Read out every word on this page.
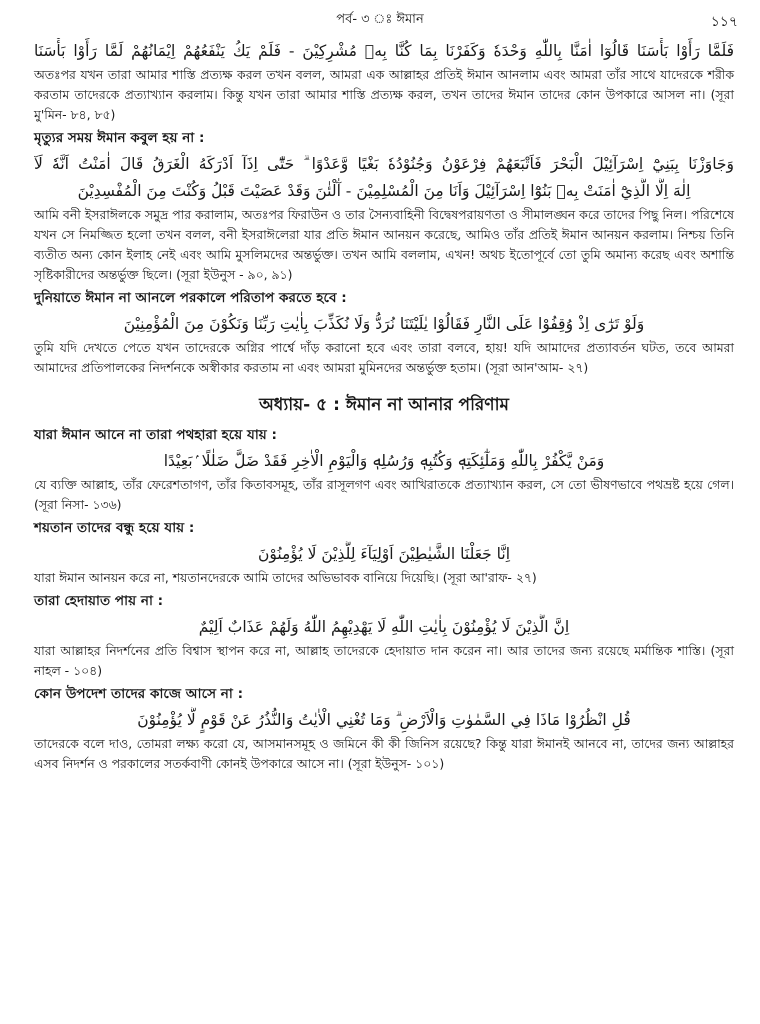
পর্ব- ৩ ঃ ঈমান	১১৭
فَلَمَّا رَأَوْا بَأْسَنَا قَالُوٓا اٰمَنَّا بِاللّٰهِ وَحْدَهٗ وَكَفَرْنَا بِمَا كُنَّا بِهٖ مُشْرِكِيْنَ - فَلَمْ يَكُ يَنْفَعُهُمْ اِيْمَانُهُمْ لَمَّا رَأَوْا بَأْسَنَا

অতঃপর যখন তারা আমার শাস্তি প্রত্যক্ষ করল তখন বলল, আমরা এক আল্লাহর প্রতিই ঈমান আনলাম এবং আমরা তাঁর সাথে যাদেরকে শরীক করতাম তাদেরকে প্রত্যাখ্যান করলাম। কিন্তু যখন তারা আমার শাস্তি প্রত্যক্ষ করল, তখন তাদের ঈমান তাদের কোন উপকারে আসল না। (সূরা মু'মিন- ৮৪, ৮৫)

মৃত্যুর সময় ঈমান কবুল হয় না :
وَجَاوَزْنَا بِبَنِيْٓ اِسْرَآئِيْلَ الْبَحْرَ فَاَتْبَعَهُمْ فِرْعَوْنُ وَجُنُوْدُهٗ بَغْيًا وَّعَدْوًا ۗ حَتّٰٓى اِذَآ اَدْرَكَهُ الْغَرَقُ قَالَ اٰمَنْتُ اَنَّهٗ لَآ
اِلٰهَ اِلَّا الَّذِيْٓ اٰمَنَتْ بِهٖ بَنُوْٓا اِسْرَآئِيْلَ وَاَنَا مِنَ الْمُسْلِمِيْنَ - آٰلْئٰنَ وَقَدْ عَصَيْتَ قَبْلُ وَكُنْتَ مِنَ الْمُفْسِدِيْنَ

আমি বনী ইসরাঈলকে সমুদ্র পার করালাম, অতঃপর ফিরাউন ও তার সৈন্যবাহিনী বিদ্বেষপরায়ণতা ও সীমালঙ্ঘন করে তাদের পিছু নিল। পরিশেষে যখন সে নিমজ্জিত হলো তখন বলল, বনী ইসরাঈলেরা যার প্রতি ঈমান আনয়ন করেছে, আমিও তাঁর প্রতিই ঈমান আনয়ন করলাম। নিশ্চয় তিনি ব্যতীত অন্য কোন ইলাহ নেই এবং আমি মুসলিমদের অন্তর্ভুক্ত। তখন আমি বললাম, এখন! অথচ ইতোপূর্বে তো তুমি অমান্য করেছ এবং অশান্তি সৃষ্টিকারীদের অন্তর্ভুক্ত ছিলে। (সূরা ইউনুস - ৯০, ৯১)

দুনিয়াতে ঈমান না আনলে পরকালে পরিতাপ করতে হবে :
وَلَوْ تَرٰٓى اِذْ وُقِفُوْا عَلَى النَّارِ فَقَالُوْا يٰلَيْتَنَا نُرَدُّ وَلَا نُكَذِّبَ بِاٰيٰتِ رَبِّنَا وَنَكُوْنَ مِنَ الْمُؤْمِنِيْنَ

তুমি যদি দেখতে পেতে যখন তাদেরকে অগ্নির পার্শ্বে দাঁড় করানো হবে এবং তারা বলবে, হায়! যদি আমাদের প্রত্যাবর্তন ঘটত, তবে আমরা আমাদের প্রতিপালকের নিদর্শনকে অস্বীকার করতাম না এবং আমরা মুমিনদের অন্তর্ভুক্ত হতাম। (সূরা আন'আম- ২৭)

অধ্যায়- ৫ : ঈমান না আনার পরিণাম
যারা ঈমান আনে না তারা পথহারা হয়ে যায় :
وَمَنْ يَّكْفُرْ بِاللّٰهِ وَمَلٰٓئِكَتِهٖ وَكُتُبِهٖ وَرُسُلِهٖ وَالْيَوْمِ الْاٰخِرِ فَقَدْ ضَلَّ ضَلٰلًا ۢبَعِيْدًا

যে ব্যক্তি আল্লাহ, তাঁর ফেরেশতাগণ, তাঁর কিতাবসমূহ, তাঁর রাসূলগণ এবং আখিরাতকে প্রত্যাখ্যান করল, সে তো ভীষণভাবে পথভ্রষ্ট হয়ে গেল। (সূরা নিসা- ১৩৬)

শয়তান তাদের বন্ধু হয়ে যায় :
اِنَّا جَعَلْنَا الشَّيٰطِيْنَ اَوْلِيَآءَ لِلَّذِيْنَ لَا يُؤْمِنُوْنَ

যারা ঈমান আনয়ন করে না, শয়তানদেরকে আমি তাদের অভিভাবক বানিয়ে দিয়েছি। (সূরা আ'রাফ- ২৭)

তারা হেদায়াত পায় না :
اِنَّ الَّذِيْنَ لَا يُؤْمِنُوْنَ بِاٰيٰتِ اللّٰهِ لَا يَهْدِيْهِمُ اللّٰهُ وَلَهُمْ عَذَابٌ اَلِيْمٌ

যারা আল্লাহর নিদর্শনের প্রতি বিশ্বাস স্থাপন করে না, আল্লাহ তাদেরকে হেদায়াত দান করেন না। আর তাদের জন্য রয়েছে মর্মান্তিক শাস্তি। (সূরা নাহল - ১০৪)

কোন উপদেশ তাদের কাজে আসে না :
قُلِ انْظُرُوْا مَاذَا فِي السَّمٰوٰتِ وَالْاَرْضِ ۗ وَمَا تُغْنِي الْاٰيٰتُ وَالنُّذُرُ عَنْ قَوْمٍ لَّا يُؤْمِنُوْنَ

তাদেরকে বলে দাও, তোমরা লক্ষ্য করো যে, আসমানসমূহ ও জমিনে কী কী জিনিস রয়েছে? কিন্তু যারা ঈমানই আনবে না, তাদের জন্য আল্লাহর এসব নিদর্শন ও পরকালের সতর্কবাণী কোনই উপকারে আসে না। (সূরা ইউনুস- ১০১)
